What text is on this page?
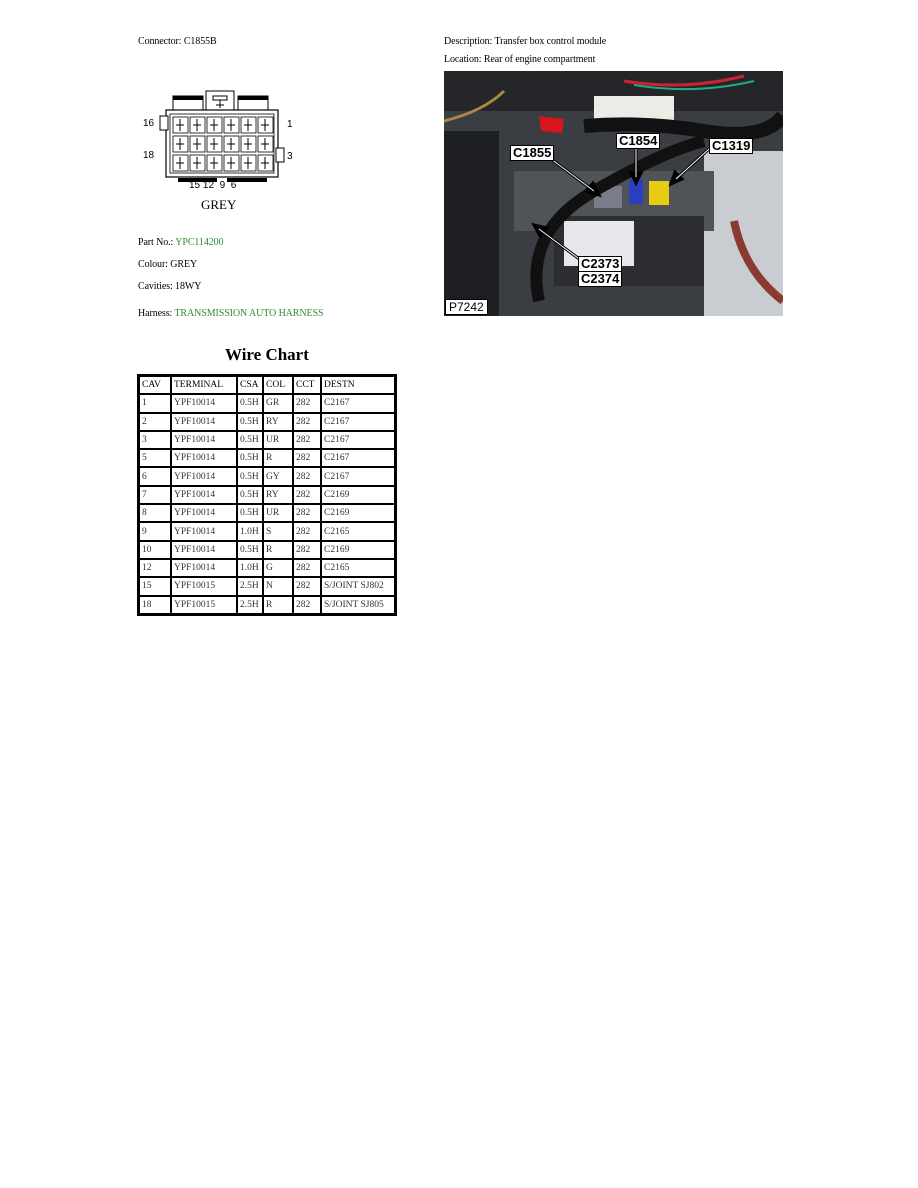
Connector: C1855B
16	1
18	3
15 12  9  6
GREY
Part No.: YPC114200
Colour: GREY
Cavities: 18WY
Harness: TRANSMISSION AUTO HARNESS
Wire Chart
CAV	TERMINAL	CSA	COL	CCT	DESTN
1	YPF10014	0.5H	GR	282	C2167
2	YPF10014	0.5H	RY	282	C2167
3	YPF10014	0.5H	UR	282	C2167
5	YPF10014	0.5H	R	282	C2167
6	YPF10014	0.5H	GY	282	C2167
7	YPF10014	0.5H	RY	282	C2169
8	YPF10014	0.5H	UR	282	C2169
9	YPF10014	1.0H	S	282	C2165
10	YPF10014	0.5H	R	282	C2169
12	YPF10014	1.0H	G	282	C2165
15	YPF10015	2.5H	N	282	S/JOINT SJ802
18	YPF10015	2.5H	R	282	S/JOINT SJ805
Description: Transfer box control module
Location: Rear of engine compartment
C1855
C1854	C1319
C2373
C2374
P7242
